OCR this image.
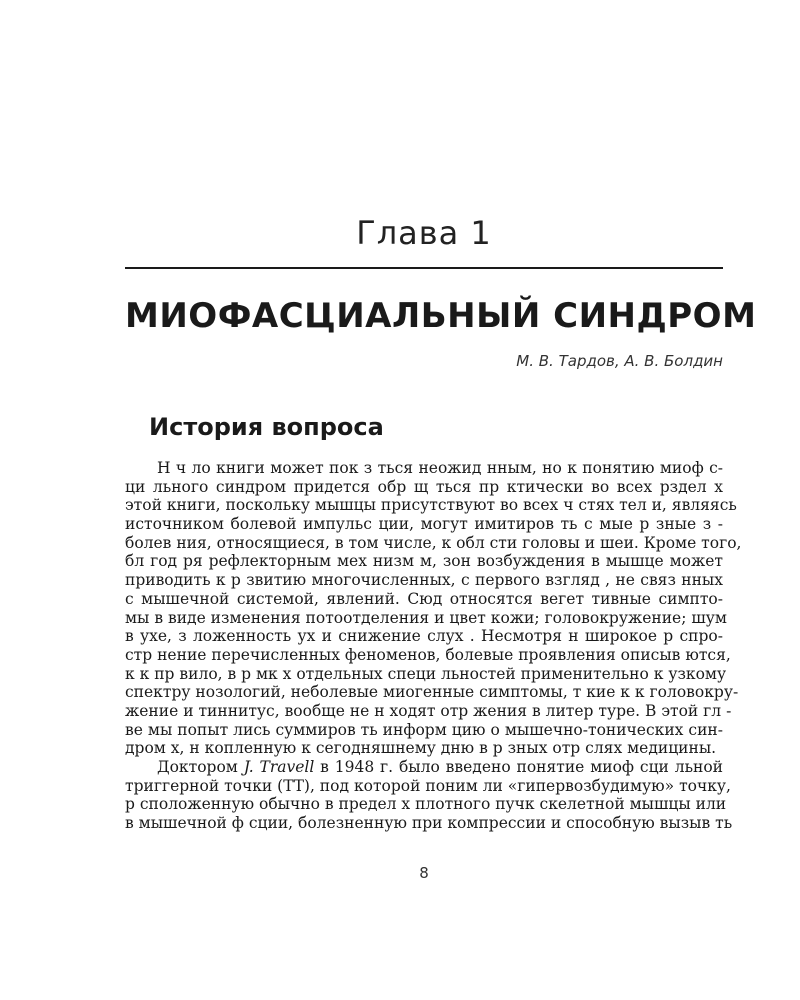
Глава 1
МИОФАСЦИАЛЬНЫЙ СИНДРОМ
М. В. Тардов, А. В. Болдин
История вопроса
Н ч ло книги может пок з ться неожид нным, но к понятию миоф с-
ци льного синдром придется обр щ ться пр ктически во всех рздел х
этой книги, поскольку мышцы присутствуют во всех ч стях тел и, являясь
источником болевой импульс ции, могут имитиров ть с мые р зные з -
болев ния, относящиеся, в том числе, к обл сти головы и шеи. Кроме того,
бл год ря рефлекторным мех низм м, зон возбуждения в мышце может
приводить к р звитию многочисленных, с первого взгляд , не связ нных
с мышечной системой, явлений. Сюд относятся вегет тивные симпто-
мы в виде изменения потоотделения и цвет кожи; головокружение; шум
в ухе, з ложенность ух и снижение слух . Несмотря н широкое р спро-
стр нение перечисленных феноменов, болевые проявления описыв ются,
к к пр вило, в р мк х отдельных специ льностей применительно к узкому
спектру нозологий, неболевые миогенные симптомы, т кие к к головокру-
жение и тиннитус, вообще не н ходят отр жения в литер туре. В этой гл -
ве мы попыт лись суммиров ть информ цию о мышечно-тонических син-
дром х, н копленную к сегодняшнему дню в р зных отр слях медицины.
Доктором J. Travell в 1948 г. было введено понятие миоф сци льной
триггерной точки (ТТ), под которой поним ли «гипервозбудимую» точку,
р сположенную обычно в предел х плотного пучк скелетной мышцы или
в мышечной ф сции, болезненную при компрессии и способную вызыв ть
8
